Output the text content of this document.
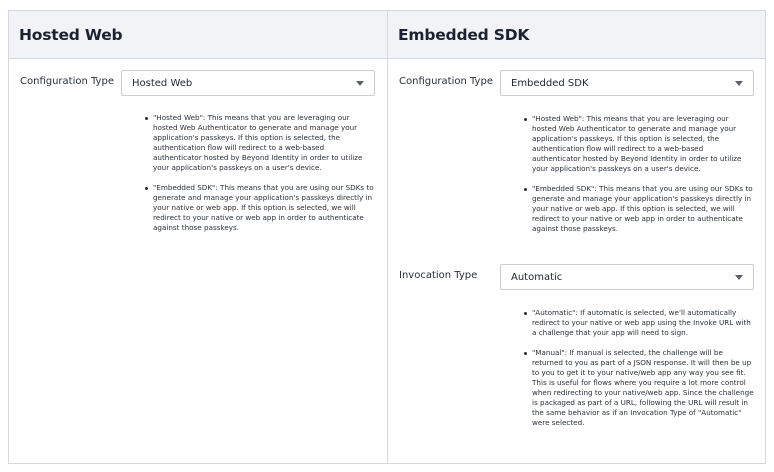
Hosted Web
Configuration Type Hosted Web
"Hosted Web": This means that you are leveraging our hosted Web Authenticator to generate and manage your application's passkeys. If this option is selected, the authentication flow will redirect to a web-based authenticator hosted by Beyond Identity in order to utilize your application's passkeys on a user's device.
"Embedded SDK": This means that you are using our SDKs to generate and manage your application's passkeys directly in your native or web app. If this option is selected, we will redirect to your native or web app in order to authenticate against those passkeys.
Embedded SDK
Configuration Type Embedded SDK
"Hosted Web": This means that you are leveraging our hosted Web Authenticator to generate and manage your application's passkeys. If this option is selected, the authentication flow will redirect to a web-based authenticator hosted by Beyond Identity in order to utilize your application's passkeys on a user's device.
"Embedded SDK": This means that you are using our SDKs to generate and manage your application's passkeys directly in your native or web app. If this option is selected, we will redirect to your native or web app in order to authenticate against those passkeys.
Invocation Type	Automatic
"Automatic": If automatic is selected, we'll automatically redirect to your native or web app using the Invoke URL with a challenge that your app will need to sign.
"Manual": If manual is selected, the challenge will be returned to you as part of a JSON response. It will then be up to you to get it to your native/web app any way you see fit. This is useful for flows where you require a lot more control when redirecting to your native/web app. Since the challenge is packaged as part of a URL, following the URL will result in the same behavior as if an Invocation Type of "Automatic" were selected.
